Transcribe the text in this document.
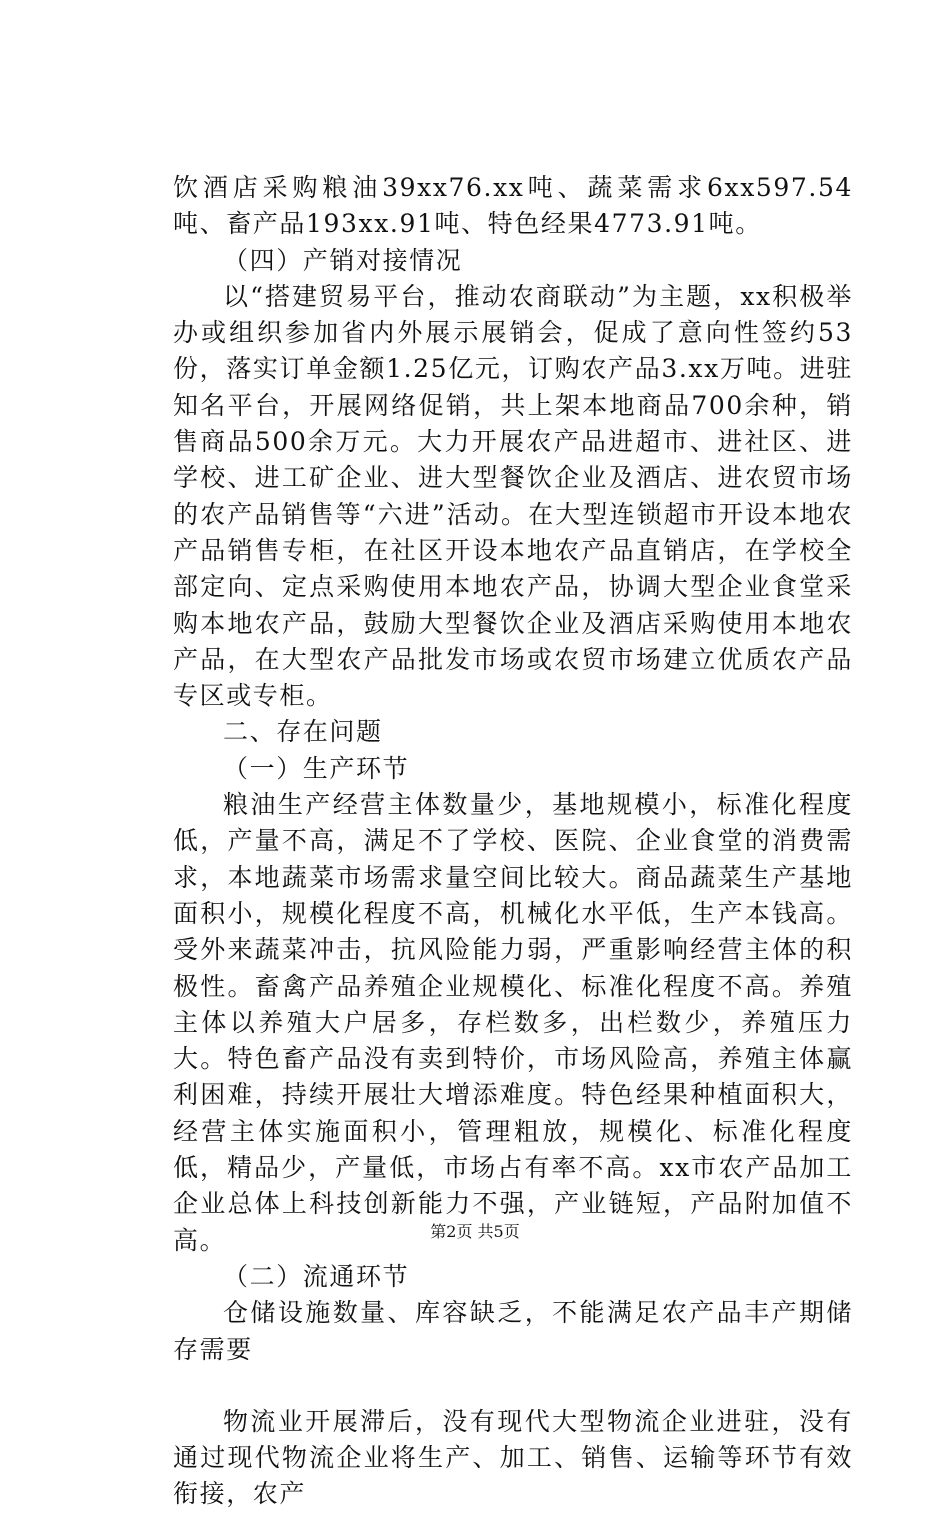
饮酒店采购粮油39xx76.xx吨、蔬菜需求6xx597.54吨、畜产品193xx.91吨、特色经果4773.91吨。

（四）产销对接情况

以“搭建贸易平台，推动农商联动”为主题，xx积极举办或组织参加省内外展示展销会，促成了意向性签约53份，落实订单金额1.25亿元，订购农产品3.xx万吨。进驻知名平台，开展网络促销，共上架本地商品700余种，销售商品500余万元。大力开展农产品进超市、进社区、进学校、进工矿企业、进大型餐饮企业及酒店、进农贸市场的农产品销售等“六进”活动。在大型连锁超市开设本地农产品销售专柜，在社区开设本地农产品直销店，在学校全部定向、定点采购使用本地农产品，协调大型企业食堂采购本地农产品，鼓励大型餐饮企业及酒店采购使用本地农产品，在大型农产品批发市场或农贸市场建立优质农产品专区或专柜。

二、存在问题

（一）生产环节

粮油生产经营主体数量少，基地规模小，标准化程度低，产量不高，满足不了学校、医院、企业食堂的消费需求，本地蔬菜市场需求量空间比较大。商品蔬菜生产基地面积小，规模化程度不高，机械化水平低，生产本钱高。受外来蔬菜冲击，抗风险能力弱，严重影响经营主体的积极性。畜禽产品养殖企业规模化、标准化程度不高。养殖主体以养殖大户居多，存栏数多，出栏数少，养殖压力大。特色畜产品没有卖到特价，市场风险高，养殖主体赢利困难，持续开展壮大增添难度。特色经果种植面积大，经营主体实施面积小，管理粗放，规模化、标准化程度低，精品少，产量低，市场占有率不高。xx市农产品加工企业总体上科技创新能力不强，产业链短，产品附加值不高。

（二）流通环节

仓储设施数量、库容缺乏，不能满足农产品丰产期储存需要

物流业开展滞后，没有现代大型物流企业进驻，没有通过现代物流企业将生产、加工、销售、运输等环节有效衔接，农产

第2页 共5页
